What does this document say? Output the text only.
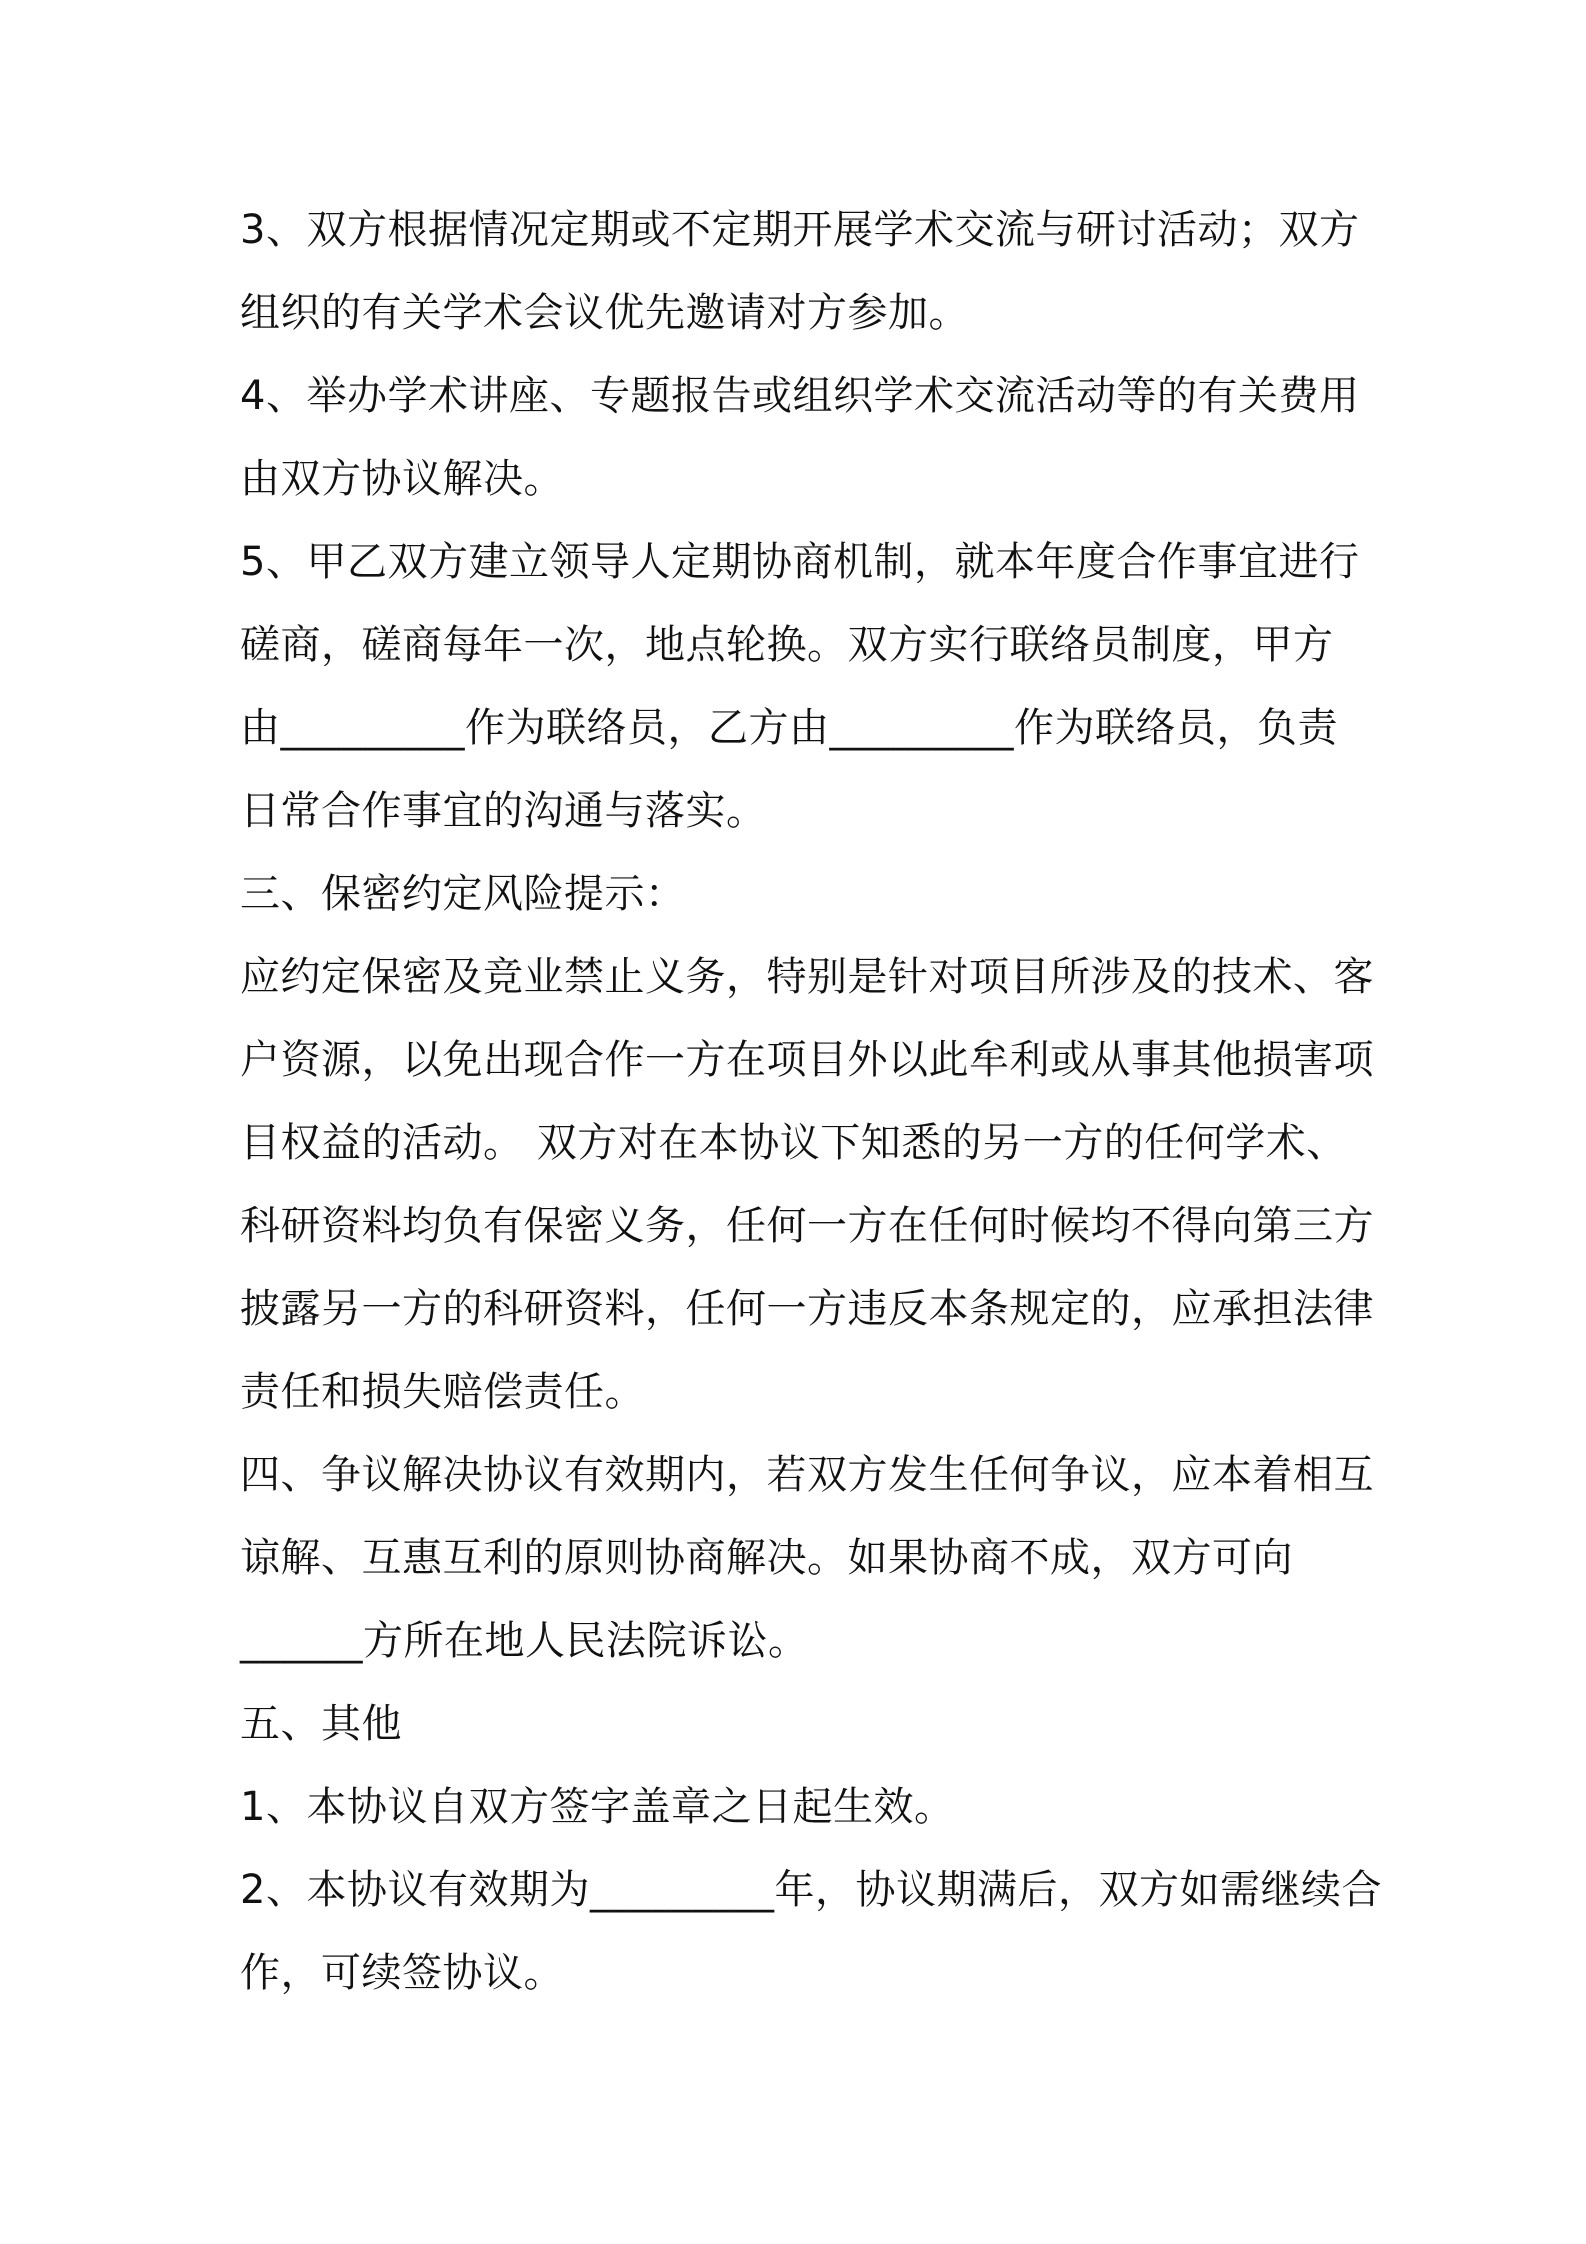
3、双方根据情况定期或不定期开展学术交流与研讨活动；双方
组织的有关学术会议优先邀请对方参加。
4、举办学术讲座、专题报告或组织学术交流活动等的有关费用
由双方协议解决。
5、甲乙双方建立领导人定期协商机制，就本年度合作事宜进行
磋商，磋商每年一次，地点轮换。双方实行联络员制度，甲方
由_________作为联络员，乙方由_________作为联络员，负责
日常合作事宜的沟通与落实。
三、保密约定风险提示：
应约定保密及竞业禁止义务，特别是针对项目所涉及的技术、客
户资源，以免出现合作一方在项目外以此牟利或从事其他损害项
目权益的活动。 双方对在本协议下知悉的另一方的任何学术、
科研资料均负有保密义务，任何一方在任何时候均不得向第三方
披露另一方的科研资料，任何一方违反本条规定的，应承担法律
责任和损失赔偿责任。
四、争议解决协议有效期内，若双方发生任何争议，应本着相互
谅解、互惠互利的原则协商解决。如果协商不成，双方可向
______方所在地人民法院诉讼。
五、其他
1、本协议自双方签字盖章之日起生效。
2、本协议有效期为_________年，协议期满后，双方如需继续合
作，可续签协议。
